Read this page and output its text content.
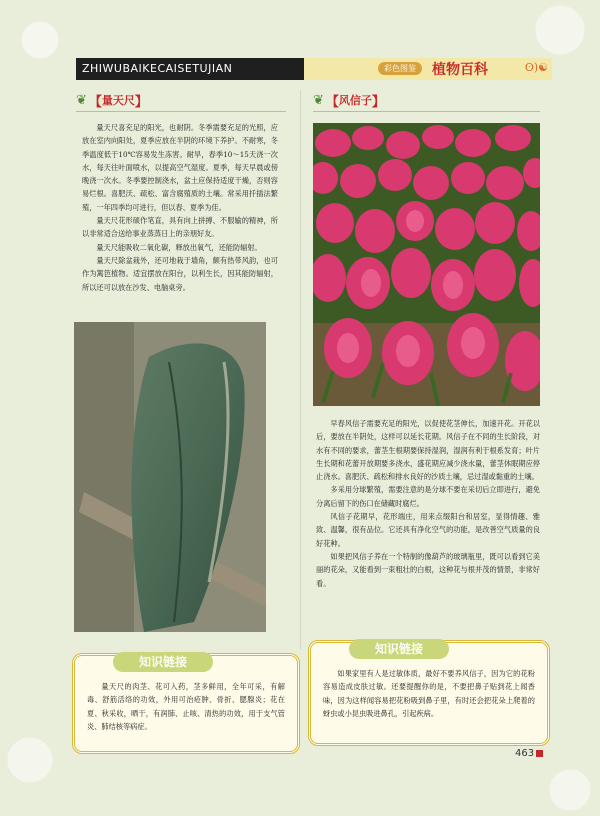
ZHIWUBAIKECAISETUJIAN	彩色图鉴	植物百科	ʘ)☯
❦ 【 量天尺 】

量天尺喜充足的阳光，也耐阴。冬季需要充足的光照，应放在室内向阳处，夏季应放在半阴的环境下养护。不耐寒，冬季温度低于10℃容易发生冻害。耐旱，春季10～15天浇一次水，每天往叶面喷水，以提高空气湿度。夏季，每天早晨或傍晚浇一次水。冬季要控制浇水，盆土应保持适度干燥，否则容易烂根。喜肥沃、疏松、富含腐殖质的土壤。常采用扦插法繁殖，一年四季均可进行，但以春、夏季为佳。

量天尺花形硕作笔直，具有向上拼搏、不服输的精神，所以非常适合送给事业蒸蒸日上的亲朋好友。

量天尺能吸收二氧化碳，释放出氧气，还能防辐射。

量天尺除盆栽外，还可地栽于墙角，颇有热带风韵，也可作为篱笆植物。适宜摆放在阳台，以利生长，因其能防辐射，所以还可以放在沙发、电脑桌旁。

❦ 【 风信子 】

早春风信子需要充足的阳光，以促使花茎伸长，加速开花。开花以后，要放在半阴处，这样可以延长花期。风信子在不同的生长阶段，对水有不同的要求，蕾茎生根期要保持湿润，湿润有利于根系发育；叶片生长期和花蕾开放期要多浇水，盛花期应减少浇水量，蕾茎休眠期应停止浇水。喜肥沃、疏松和排水良好的沙质土壤，忌过湿或黏重的土壤。

多采用分球繁殖，需要注意的是分球不要在采切后立即进行，避免分离后留下的伤口在储藏时腐烂。

风信子花期早，花形端庄，用来点缀阳台和居室，显得情趣、雅致、温馨，很有品位。它还具有净化空气的功能，是改善空气质量的良好花种。

如果把风信子养在一个特制的像葫芦的玻璃瓶里，既可以看到它美丽的花朵，又能看到一束粗壮的白根，这种花与根并茂的情景，非常好看。

知识链接

量天尺的肉茎、花可入药，茎多鲜用，全年可采，有解毒、舒筋活络的功效，外用可治疮肿、骨折、腮腺炎；花在夏、秋采收，晒干，有润肺、止咳、清热的功效，用于支气管炎、肺结核等病症。

知识链接

如果家里有人是过敏体质，最好不要养风信子，因为它的花粉容易造成皮肤过敏。还要提醒你的是，不要把鼻子贴到花上闻香味，因为这样闻容易把花粉吸到鼻子里，有时还会把花朵上爬着的蚜虫或小昆虫吸进鼻孔，引起疾病。

463
